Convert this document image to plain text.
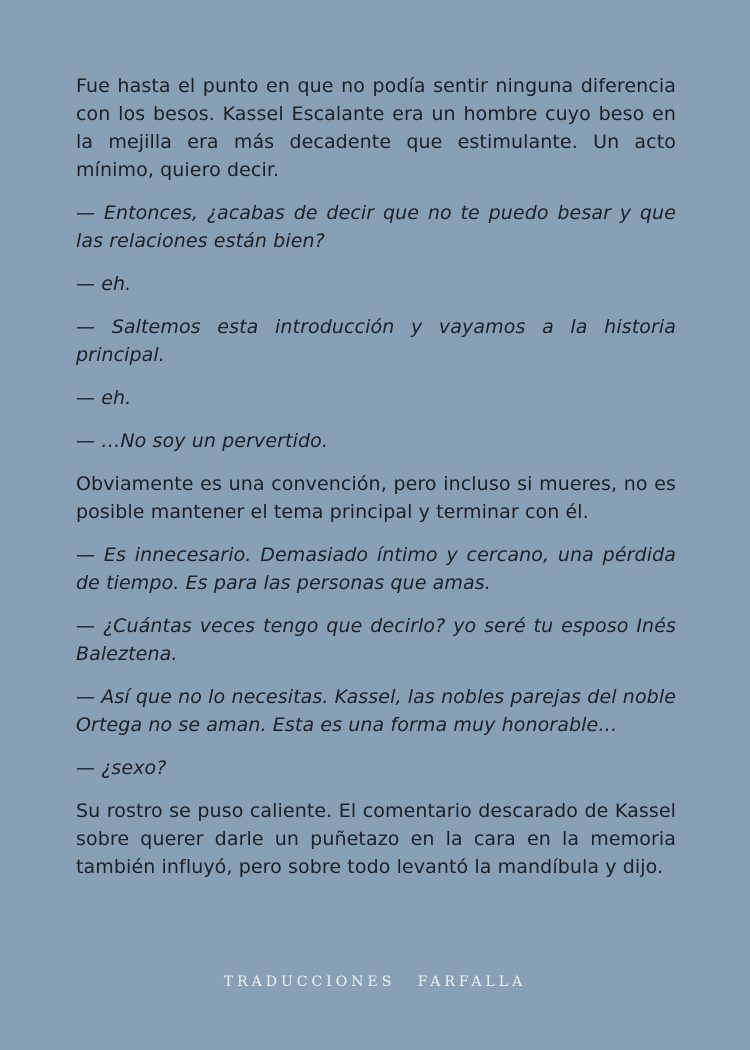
Fue hasta el punto en que no podía sentir ninguna diferencia con los besos. Kassel Escalante era un hombre cuyo beso en la mejilla era más decadente que estimulante. Un acto mínimo, quiero decir.

— Entonces, ¿acabas de decir que no te puedo besar y que las relaciones están bien?

— eh.

— Saltemos esta introducción y vayamos a la historia principal.

— eh.

— …No soy un pervertido.

Obviamente es una convención, pero incluso si mueres, no es posible mantener el tema principal y terminar con él.

— Es innecesario. Demasiado íntimo y cercano, una pérdida de tiempo. Es para las personas que amas.

— ¿Cuántas veces tengo que decirlo? yo seré tu esposo Inés Baleztena.

— Así que no lo necesitas. Kassel, las nobles parejas del noble Ortega no se aman. Esta es una forma muy honorable…

— ¿sexo?

Su rostro se puso caliente. El comentario descarado de Kassel sobre querer darle un puñetazo en la cara en la memoria también influyó, pero sobre todo levantó la mandíbula y dijo.

TRADUCCIONES FARFALLA
